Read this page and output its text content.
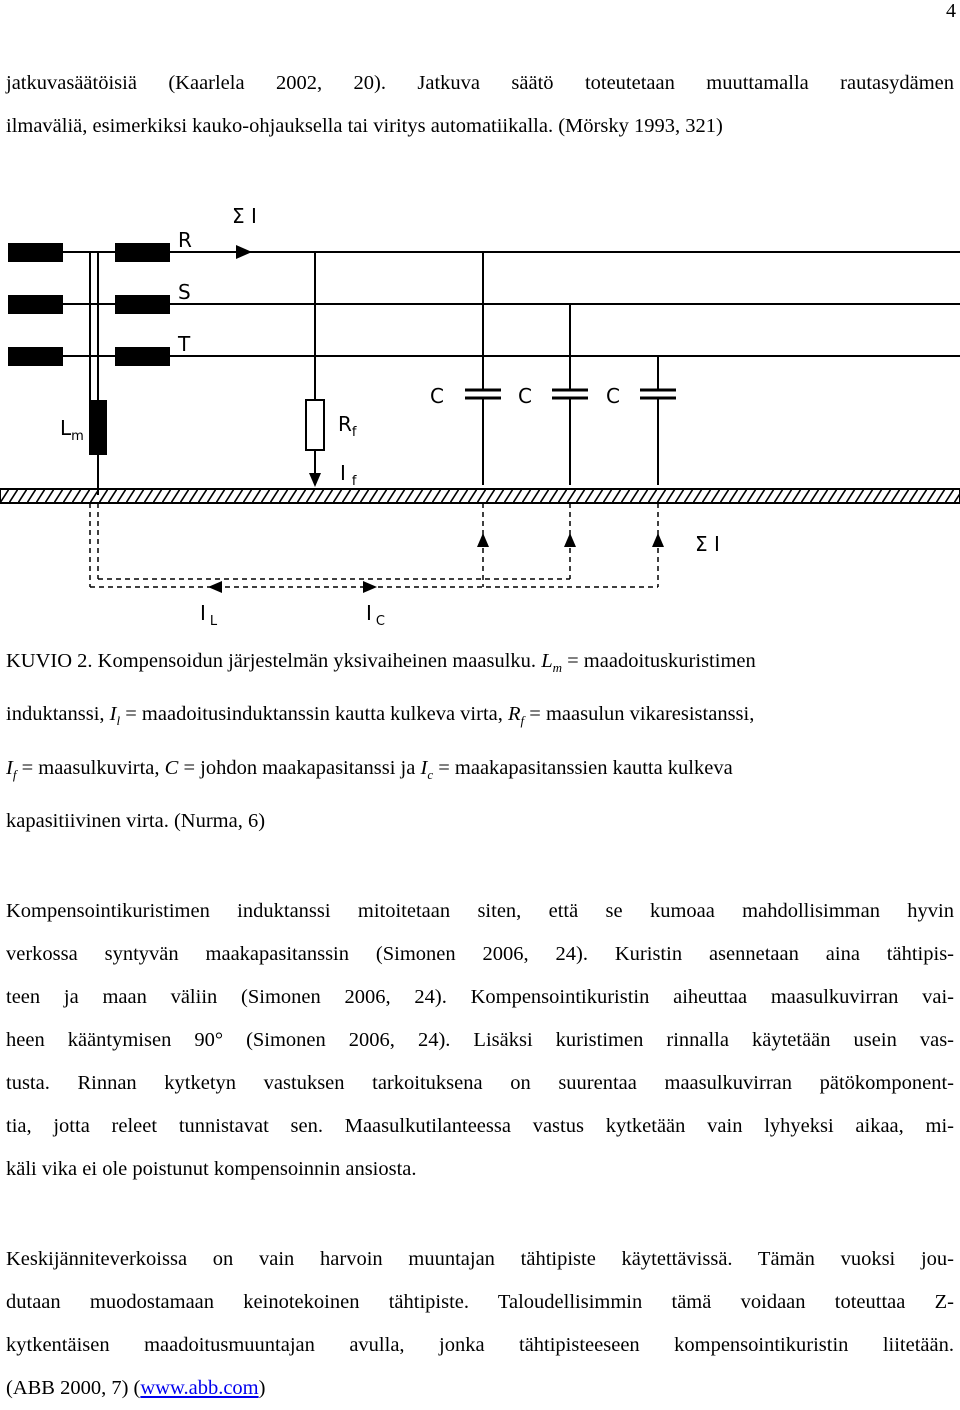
4

jatkuvasäätöisiä (Kaarlela 2002, 20). Jatkuva säätö toteutetaan muuttamalla rautasydämen
ilmaväliä, esimerkiksi kauko-ohjauksella tai viritys automatiikalla. (Mörsky 1993, 321)

Σ I
R
S
T
$L_m$
$R_f$
I $_f$
C	C	C
Σ I
I $_L$	I $_C$
KUVIO 2. Kompensoidun järjestelmän yksivaiheinen maasulku. $L_m$ = maadoituskuristimen
induktanssi, $I_l$ = maadoitusinduktanssin kautta kulkeva virta, $R_f$ = maasulun vikaresistanssi,
$I_f$ = maasulkuvirta, C = johdon maakapasitanssi ja $I_c$ = maakapasitanssien kautta kulkeva
kapasitiivinen virta. (Nurma, 6)

Kompensointikuristimen induktanssi mitoitetaan siten, että se kumoaa mahdollisimman hyvin
verkossa syntyvän maakapasitanssin (Simonen 2006, 24). Kuristin asennetaan aina tähtipis-
teen ja maan väliin (Simonen 2006, 24). Kompensointikuristin aiheuttaa maasulkuvirran vai-
heen kääntymisen 90° (Simonen 2006, 24). Lisäksi kuristimen rinnalla käytetään usein vas-
tusta. Rinnan kytketyn vastuksen tarkoituksena on suurentaa maasulkuvirran pätökomponent-
tia, jotta releet tunnistavat sen. Maasulkutilanteessa vastus kytketään vain lyhyeksi aikaa, mi-
käli vika ei ole poistunut kompensoinnin ansiosta.

Keskijänniteverkoissa on vain harvoin muuntajan tähtipiste käytettävissä. Tämän vuoksi jou-
dutaan muodostamaan keinotekoinen tähtipiste. Taloudellisimmin tämä voidaan toteuttaa Z-
kytkentäisen maadoitusmuuntajan avulla, jonka tähtipisteeseen kompensointikuristin liitetään.
(ABB 2000, 7) (www.abb.com)
